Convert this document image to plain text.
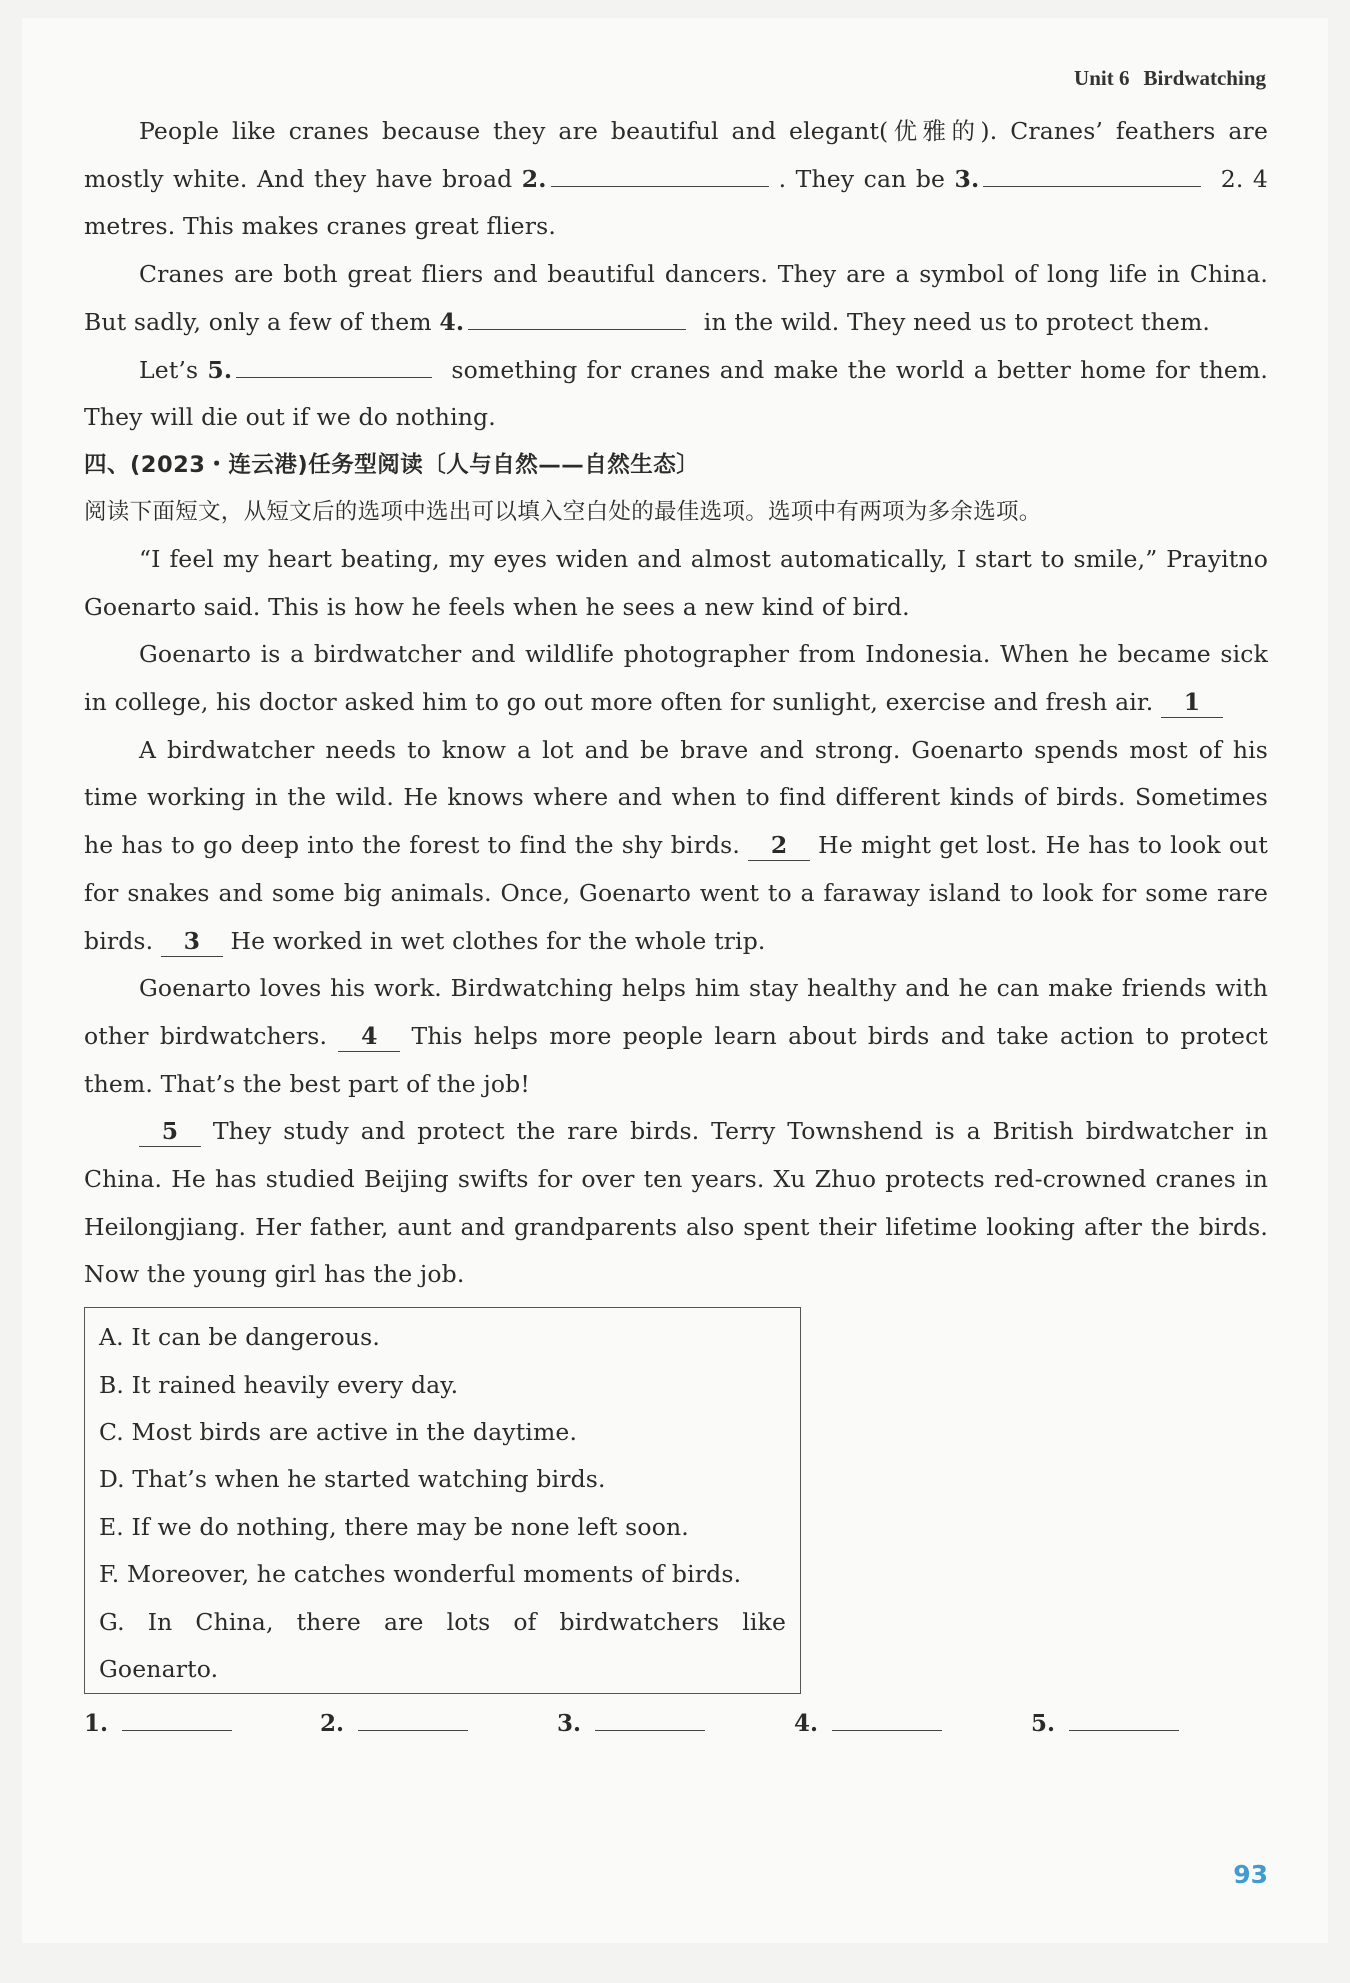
Unit 6 Birdwatching

People like cranes because they are beautiful and elegant(优雅的). Cranes’ feathers are mostly white. And they have broad 2.	. They can be 3.	2. 4 metres. This makes cranes great fliers.

Cranes are both great fliers and beautiful dancers. They are a symbol of long life in China. But sadly, only a few of them 4.	in the wild. They need us to protect them.

Let’s 5.	something for cranes and make the world a better home for them. They will die out if we do nothing.

四、(2023・连云港)任务型阅读〔人与自然——自然生态〕
阅读下面短文，从短文后的选项中选出可以填入空白处的最佳选项。选项中有两项为多余选项。

“I feel my heart beating, my eyes widen and almost automatically, I start to smile,” Prayitno Goenarto said. This is how he feels when he sees a new kind of bird.

Goenarto is a birdwatcher and wildlife photographer from Indonesia. When he became sick in college, his doctor asked him to go out more often for sunlight, exercise and fresh air. 1

A birdwatcher needs to know a lot and be brave and strong. Goenarto spends most of his time working in the wild. He knows where and when to find different kinds of birds. Sometimes he has to go deep into the forest to find the shy birds. 2 He might get lost. He has to look out for snakes and some big animals. Once, Goenarto went to a faraway island to look for some rare birds. 3 He worked in wet clothes for the whole trip.

Goenarto loves his work. Birdwatching helps him stay healthy and he can make friends with other birdwatchers. 4 This helps more people learn about birds and take action to protect them. That’s the best part of the job!

5 They study and protect the rare birds. Terry Townshend is a British birdwatcher in China. He has studied Beijing swifts for over ten years. Xu Zhuo protects red-crowned cranes in Heilongjiang. Her father, aunt and grandparents also spent their lifetime looking after the birds. Now the young girl has the job.

A. It can be dangerous.

B. It rained heavily every day.

C. Most birds are active in the daytime.

D. That’s when he started watching birds.

E. If we do nothing, there may be none left soon.

F. Moreover, he catches wonderful moments of birds.

G. In China, there are lots of birdwatchers like Goenarto.

1.	2.	3.	4.	5.
93
